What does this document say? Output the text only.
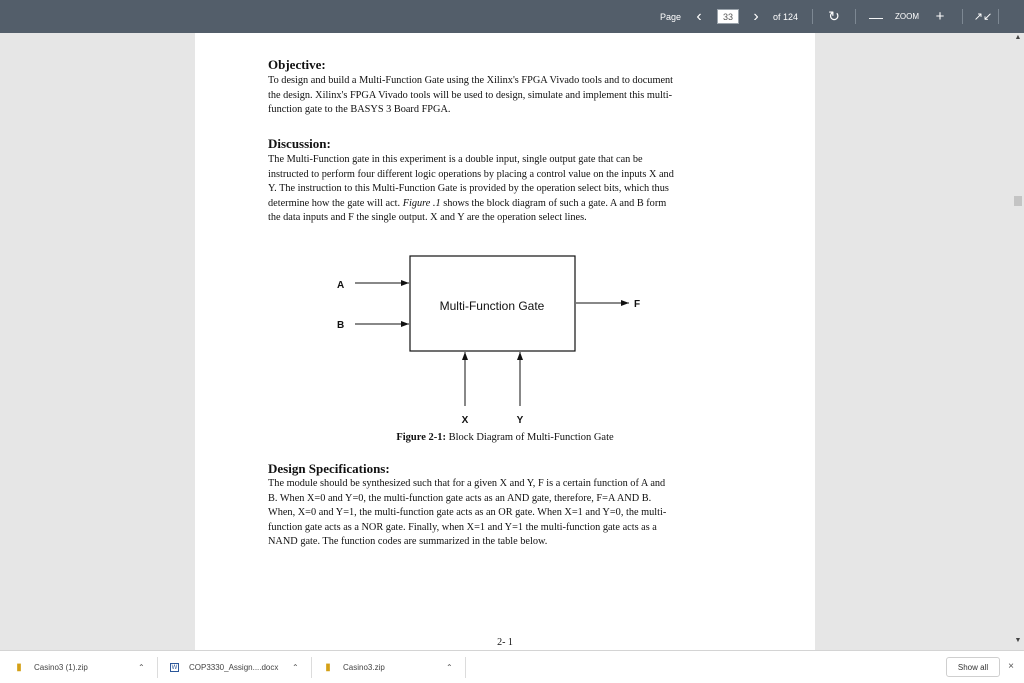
Page ‹
33	› of 124	↻ —	ZOOM	+	↗↙
▲
▼
Objective:
To design and build a Multi-Function Gate using the Xilinx's FPGA Vivado tools and to document
the design. Xilinx's FPGA Vivado tools will be used to design, simulate and implement this multi-
function gate to the BASYS 3 Board FPGA.
Discussion:
The Multi-Function gate in this experiment is a double input, single output gate that can be
instructed to perform four different logic operations by placing a control value on the inputs X and
Y. The instruction to this Multi-Function Gate is provided by the operation select bits, which thus
determine how the gate will act. Figure .1 shows the block diagram of such a gate. A and B form
the data inputs and F the single output. X and Y are the operation select lines.
Multi-Function Gate
A
B
F
X	Y
Figure 2-1: Block Diagram of Multi-Function Gate
Design Specifications:
The module should be synthesized such that for a given X and Y, F is a certain function of A and
B. When X=0 and Y=0, the multi-function gate acts as an AND gate, therefore, F=A AND B.
When, X=0 and Y=1, the multi-function gate acts as an OR gate. When X=1 and Y=0, the multi-
function gate acts as a NOR gate. Finally, when X=1 and Y=1 the multi-function gate acts as a
NAND gate. The function codes are summarized in the table below.
2- 1
▮ Casino3 (1).zip	⌃	W COP3330_Assign....docx ⌃	▮ Casino3.zip	⌃	Show all	×
